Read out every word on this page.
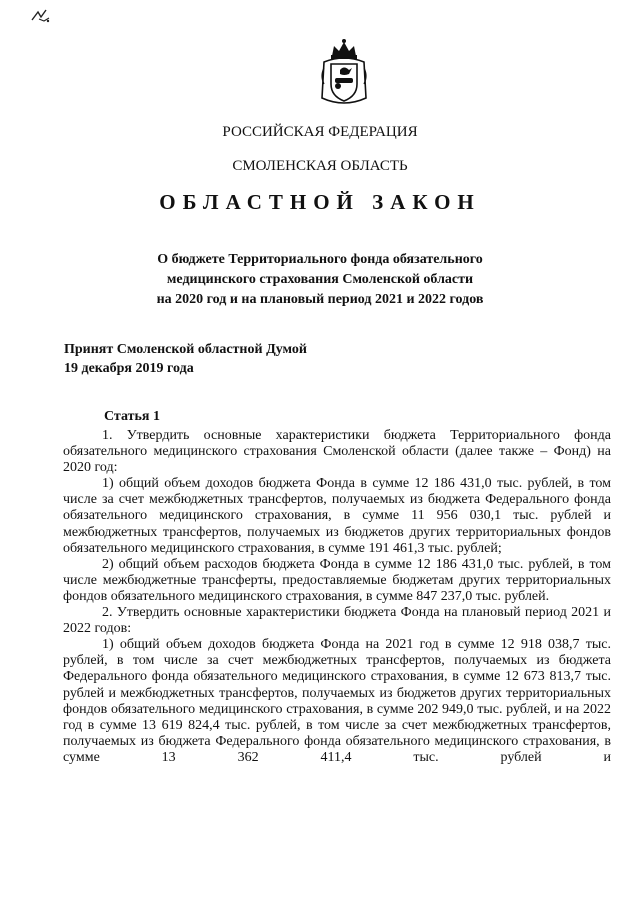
РОССИЙСКАЯ ФЕДЕРАЦИЯ
СМОЛЕНСКАЯ ОБЛАСТЬ
ОБЛАСТНОЙ ЗАКОН
О бюджете Территориального фонда обязательного
медицинского страхования Смоленской области
на 2020 год и на плановый период 2021 и 2022 годов
Принят Смоленской областной Думой
19 декабря 2019 года
Статья 1

1. Утвердить основные характеристики бюджета Территориального фонда обязательного медицинского страхования Смоленской области (далее также – Фонд) на 2020 год:

1) общий объем доходов бюджета Фонда в сумме 12 186 431,0 тыс. рублей, в том числе за счет межбюджетных трансфертов, получаемых из бюджета Федерального фонда обязательного медицинского страхования, в сумме 11 956 030,1 тыс. рублей и межбюджетных трансфертов, получаемых из бюджетов других территориальных фондов обязательного медицинского страхования, в сумме 191 461,3 тыс. рублей;

2) общий объем расходов бюджета Фонда в сумме 12 186 431,0 тыс. рублей, в том числе межбюджетные трансферты, предоставляемые бюджетам других территориальных фондов обязательного медицинского страхования, в сумме 847 237,0 тыс. рублей.

2. Утвердить основные характеристики бюджета Фонда на плановый период 2021 и 2022 годов:

1) общий объем доходов бюджета Фонда на 2021 год в сумме 12 918 038,7 тыс. рублей, в том числе за счет межбюджетных трансфертов, получаемых из бюджета Федерального фонда обязательного медицинского страхования, в сумме 12 673 813,7 тыс. рублей и межбюджетных трансфертов, получаемых из бюджетов других территориальных фондов обязательного медицинского страхования, в сумме 202 949,0 тыс. рублей, и на 2022 год в сумме 13 619 824,4 тыс. рублей, в том числе за счет межбюджетных трансфертов, получаемых из бюджета Федерального фонда обязательного медицинского страхования, в сумме 13 362 411,4 тыс. рублей и
